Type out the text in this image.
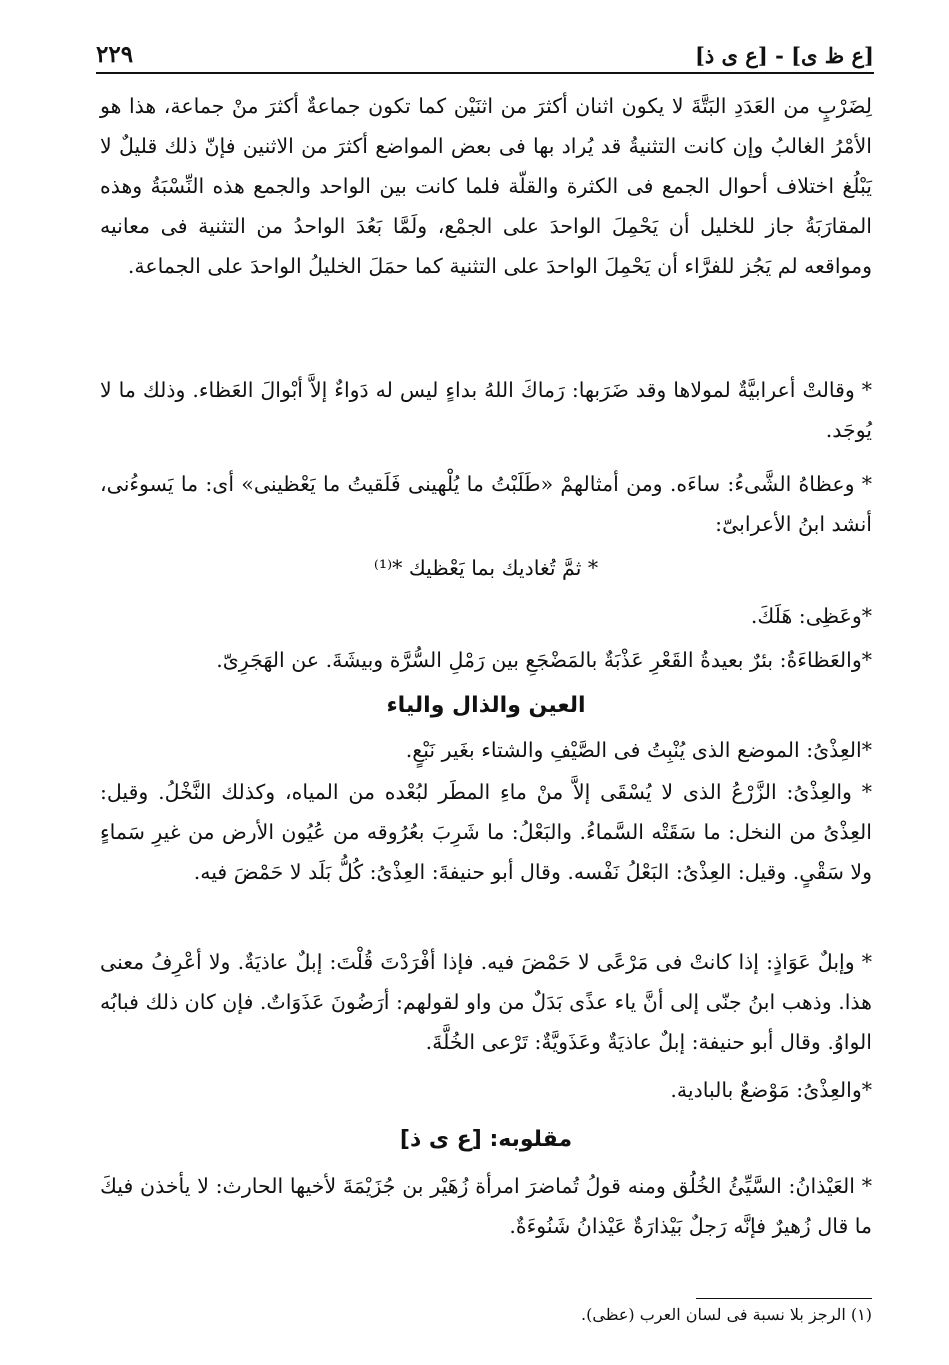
[ع ظ ى] - [ع ى ذ]
٢٢٩

لِضَرْبٍ من العَدَدِ البَتَّةَ لا يكون اثنان أكثرَ من اثنَيْن كما تكون جماعةٌ أكثرَ منْ جماعة، هذا هو الأمْرُ الغالبُ وإن كانت التثنيةُ قد يُراد بها فى بعض المواضع أكثرَ من الاثنين فإنّ ذلك قليلٌ لا يَبْلُغ اختلاف أحوال الجمع فى الكثرة والقلّة فلما كانت بين الواحد والجمع هذه النِّسْبَةُ وهذه المقارَبَةُ جاز للخليل أن يَحْمِلَ الواحدَ على الجمْع، ولَمَّا بَعُدَ الواحدُ من التثنية فى معانيه ومواقعه لم يَجُز للفرَّاء أن يَحْمِلَ الواحدَ على التثنية كما حمَلَ الخليلُ الواحدَ على الجماعة.

* وقالتْ أعرابيَّةٌ لمولاها وقد ضَرَبها: رَماكَ اللهُ بداءٍ ليس له دَواءٌ إلاَّ أبْوالَ العَظاء. وذلك ما لا يُوجَد.

* وعظاهُ الشَّىءُ: ساءَه. ومن أمثالهمْ «طَلَبْتُ ما يُلْهينى فَلَقيتُ ما يَعْظينى» أى: ما يَسوءُنى، أنشد ابنُ الأعرابىّ:

* ثمَّ تُغاديك بما يَعْظيك *⁽¹⁾

*وعَظِى: هَلَكَ.

*والعَظاءَةُ: بئرٌ بعيدةُ القَعْرِ عَذْبَةٌ بالمَضْجَعِ بين رَمْلِ السُّرَّة وبيشَةَ. عن الهَجَرِىّ.

العين والذال والياء

*العِذْىُ: الموضع الذى يُنْبِتُ فى الصَّيْفِ والشتاء بغَير نَبْعٍ.

* والعِذْىُ: الزَّرْعُ الذى لا يُسْقَى إلاَّ منْ ماءِ المطَر لبُعْده من المياه، وكذلك النَّخْلُ. وقيل: العِذْىُ من النخل: ما سَقَتْه السَّماءُ. والبَعْلُ: ما شَرِبَ بعُرُوقه من عُيُون الأرض من غيرِ سَماءٍ ولا سَقْىٍ. وقيل: العِذْىُ: البَعْلُ نَفْسه. وقال أبو حنيفةَ: العِذْىُ: كُلُّ بَلَد لا حَمْضَ فيه.

* وإبلٌ عَوَاذٍ: إذا كانتْ فى مَرْعًى لا حَمْضَ فيه. فإذا أفْرَدْتَ قُلْتَ: إبلٌ عاذيَةٌ. ولا أعْرِفُ معنى هذا. وذهب ابنُ جنّى إلى أنَّ ياء عذًى بَدَلٌ من واو لقولهم: أرَضُونَ عَذَوَاتٌ. فإن كان ذلك فبابُه الواوُ. وقال أبو حنيفة: إبلٌ عاذيَةٌ وعَذَويَّةٌ: تَرْعى الخُلَّةَ.

*والعِذْىُ: مَوْضعٌ بالبادية.

مقلوبه: [ع ى ذ]

* العَيْذانُ: السَّيِّئُ الخُلُق ومنه قولُ تُماضرَ امرأة زُهَيْر بن جُزَيْمَةَ لأخيها الحارث: لا يأخذن فيكَ ما قال زُهيرٌ فإنَّه رَجلٌ بَيْذارَةٌ عَيْذانُ شَنُوءَةٌ.

(١) الرجز بلا نسبة فى لسان العرب (عظى).
